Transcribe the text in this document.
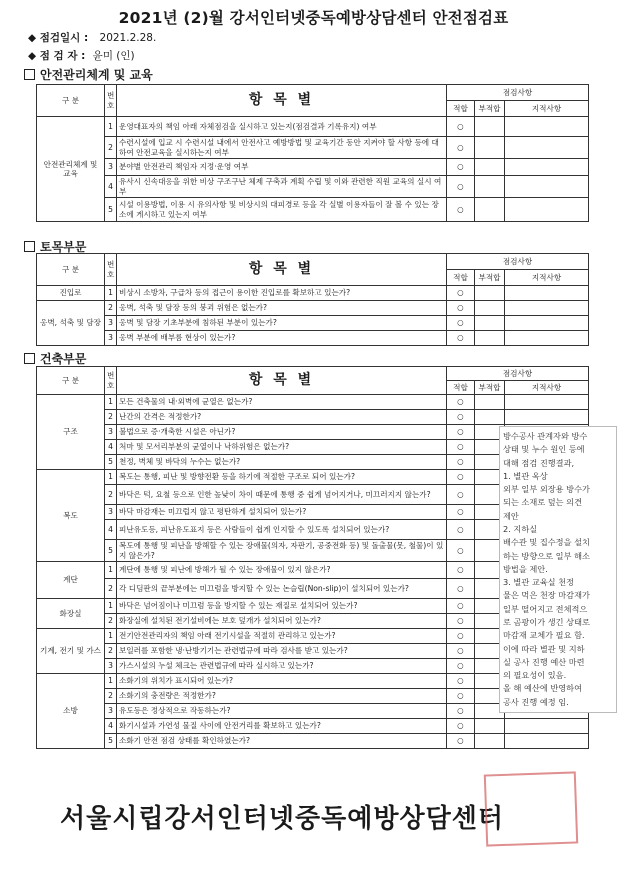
2021년 (2)월 강서인터넷중독예방상담센터 안전점검표
◆ 점검일시 : 2021.2.28.
◆ 점 검 자 : 윤미 (인)
안전관리체계 및 교육
토목부문
건축부문
구 분	번호	항 목 별	점검사항		
			적합	부적합	지적사항
안전관리체계 및 교육	1	운영대표자의 책임 아래 자체점검을 실시하고 있는지(점검결과 기록유지) 여부	○		
	2	수련시설에 입교 시 수련시설 내에서 안전사고 예방방법 및 교육기간 동안 지켜야 할 사항 등에 대하여 안전교육을 실시하는지 여부	○		
	3	분야별 안전관리 책임자 지정·운영 여부	○		
	4	유사시 신속대응을 위한 비상 구조구난 체제 구축과 계획 수립 및 이와 관련한 직원 교육의 실시 여부	○		
	5	시설 이용방법, 이용 시 유의사항 및 비상시의 대피경로 등을 각 실별 이용자들이 잘 볼 수 있는 장소에 게시하고 있는지 여부	○		
구 분	번호	항 목 별	점검사항		
			적합	부적합	지적사항
진입로	1	비상시 소방차, 구급차 등의 접근이 용이한 진입로를 확보하고 있는가?	○		
옹벽, 석축 및 담장	2	옹벽, 석축 및 담장 등의 붕괴 위험은 없는가?	○		
	3	옹벽 및 담장 기초부분에 침하된 부분이 있는가?	○		
	3	옹벽 부분에 배부름 현상이 있는가?	○		
구 분	번호	항 목 별	점검사항		
			적합	부적합	지적사항
구조	1	모든 건축물의 내·외벽에 균열은 없는가?	○		
	2	난간의 간격은 적정한가?	○		
	3	불법으로 증·개축한 시설은 아닌가?	○		
	4	처마 및 모서리부분의 균열이나 낙하위험은 없는가?	○		
	5	천정, 벽체 및 바닥의 누수는 없는가?	○		
복도	1	복도는 통행, 피난 및 방향전환 등을 하기에 적절한 구조로 되어 있는가?	○		
	2	바닥은 턱, 요철 등으로 인한 높낮이 차이 때문에 통행 중 쉽게 넘어지거나, 미끄러지지 않는가?	○		
	3	바닥 마감재는 미끄럽지 않고 평탄하게 설치되어 있는가?	○		
	4	피난유도등, 피난유도표지 등은 사람들이 쉽게 인지할 수 있도록 설치되어 있는가?	○		
	5	복도에 통행 및 피난을 방해할 수 있는 장애물(의자, 자판기, 공중전화 등) 및 돌출물(못, 철물)이 있지 않은가?	○		
계단	1	계단에 통행 및 피난에 방해가 될 수 있는 장애물이 있지 않은가?	○		
	2	각 디딤판의 끝부분에는 미끄럼을 방지할 수 있는 논슬립(Non-slip)이 설치되어 있는가?	○		
화장실	1	바닥은 넘어짐이나 미끄럼 등을 방지할 수 있는 재질로 설치되어 있는가?	○		
	2	화장실에 설치된 전기설비에는 보호 덮개가 설치되어 있는가?	○		
기계, 전기 및 가스	1	전기안전관리자의 책임 아래 전기시설을 적절히 관리하고 있는가?	○		
	2	보일러를 포함한 냉·난방기기는 관련법규에 따라 검사를 받고 있는가?	○		
	3	가스시설의 누설 체크는 관련법규에 따라 실시하고 있는가?	○		
소방	1	소화기의 위치가 표시되어 있는가?	○		
	2	소화기의 충전량은 적정한가?	○		
	3	유도등은 정상적으로 작동하는가?	○		
	4	화기시설과 가연성 물질 사이에 안전거리를 확보하고 있는가?	○		
	5	소화기 안전 점검 상태를 확인하였는가?	○		
방수공사 관계자와 방수
상태 및 누수 원인 등에
대해 점검 진행결과,
1. 별관 옥상
외부 일부 외장용 방수가
되는 소재로 덮는 의견
제안
2. 지하실
배수관 및 집수정을 설치
하는 방향으로 일부 해소
방법을 제안.
3. 별관 교육실 천정
물은 먹은 천장 마감재가
일부 떨어지고 전체적으
로 곰팡이가 생긴 상태로
마감재 교체가 필요 함.
이에 따라 별관 및 지하
실 공사 진행 예산 마련
의 필요성이 있음.
올 해 예산에 반영하여
공사 진행 예정 임.
서울시립강서인터넷중독예방상담센터
